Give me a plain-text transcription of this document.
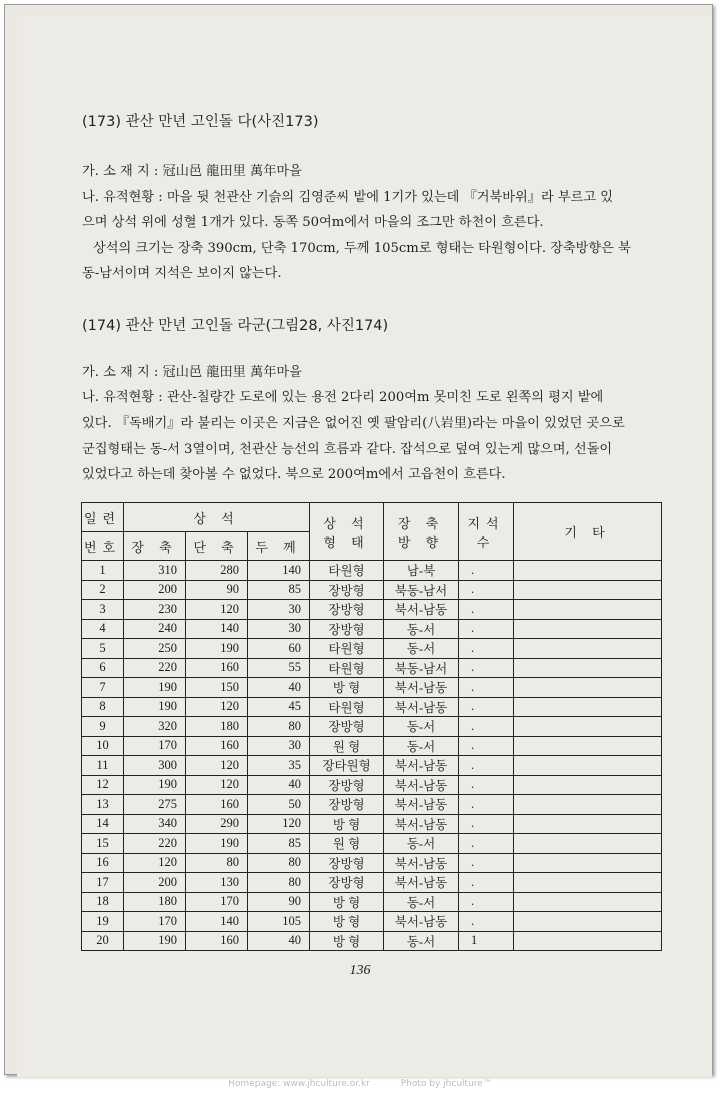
(173) 관산 만년 고인돌 다(사진173)
가. 소 재 지 : 冠山邑 龍田里 萬年마을
나. 유적현황 : 마을 뒷 천관산 기슭의 김영준씨 밭에 1기가 있는데 『거북바위』라 부르고 있
으며 상석 위에 성혈 1개가 있다. 동쪽 50여m에서 마을의 조그만 하천이 흐른다.
상석의 크기는 장축 390cm, 단축 170cm, 두께 105cm로 형태는 타원형이다. 장축방향은 북
동-남서이며 지석은 보이지 않는다.
(174) 관산 만년 고인돌 라군(그림28, 사진174)
가. 소 재 지 : 冠山邑 龍田里 萬年마을
나. 유적현황 : 관산-칠량간 도로에 있는 용전 2다리 200여m 못미친 도로 왼쪽의 평지 밭에
있다. 『독배기』라 불리는 이곳은 지금은 없어진 옛 팔암리(八岩里)라는 마을이 있었던 곳으로
군집형태는 동-서 3열이며, 천관산 능선의 흐름과 같다. 잡석으로 덮여 있는게 많으며, 선돌이
있었다고 하는데 찾아볼 수 없었다. 북으로 200여m에서 고읍천이 흐른다.
일련	상 석			상 석 형 태	장 축 방 향	지석수	기 타
번호	장 축	단 축	두 께				
1	310	280	140	타원형	남-북	.	
2	200	90	85	장방형	북동-남서	.	
3	230	120	30	장방형	북서-남동	.	
4	240	140	30	장방형	동-서	.	
5	250	190	60	타원형	동-서	.	
6	220	160	55	타원형	북동-남서	.	
7	190	150	40	방 형	북서-남동	.	
8	190	120	45	타원형	북서-남동	.	
9	320	180	80	장방형	동-서	.	
10	170	160	30	원 형	동-서	.	
11	300	120	35	장타원형	북서-남동	.	
12	190	120	40	장방형	북서-남동	.	
13	275	160	50	장방형	북서-남동	.	
14	340	290	120	방 형	북서-남동	.	
15	220	190	85	원 형	동-서	.	
16	120	80	80	장방형	북서-남동	.	
17	200	130	80	장방형	북서-남동	.	
18	180	170	90	방 형	동-서	.	
19	170	140	105	방 형	북서-남동	.	
20	190	160	40	방 형	동-서	1	
136
Homepage: www.jhculture.or.kr	Photo by jhculture™
